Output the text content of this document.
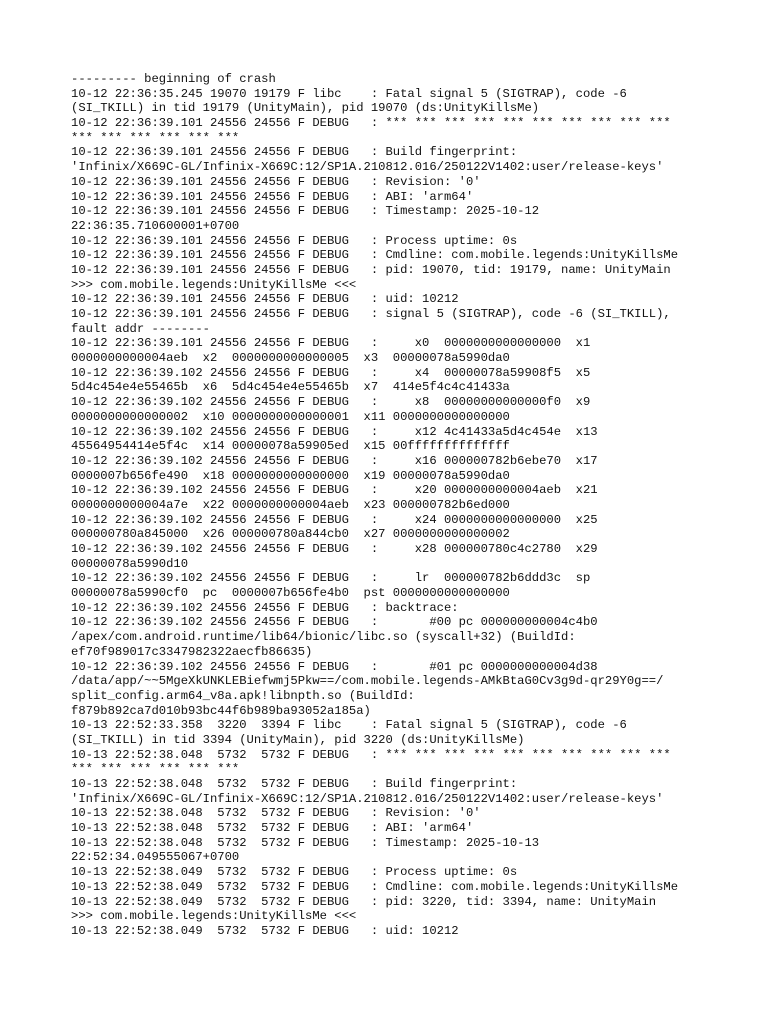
--------- beginning of crash
10-12 22:36:35.245 19070 19179 F libc    : Fatal signal 5 (SIGTRAP), code -6
(SI_TKILL) in tid 19179 (UnityMain), pid 19070 (ds:UnityKillsMe)
10-12 22:36:39.101 24556 24556 F DEBUG   : *** *** *** *** *** *** *** *** *** ***
*** *** *** *** *** ***
10-12 22:36:39.101 24556 24556 F DEBUG   : Build fingerprint:
'Infinix/X669C-GL/Infinix-X669C:12/SP1A.210812.016/250122V1402:user/release-keys'
10-12 22:36:39.101 24556 24556 F DEBUG   : Revision: '0'
10-12 22:36:39.101 24556 24556 F DEBUG   : ABI: 'arm64'
10-12 22:36:39.101 24556 24556 F DEBUG   : Timestamp: 2025-10-12
22:36:35.710600001+0700
10-12 22:36:39.101 24556 24556 F DEBUG   : Process uptime: 0s
10-12 22:36:39.101 24556 24556 F DEBUG   : Cmdline: com.mobile.legends:UnityKillsMe
10-12 22:36:39.101 24556 24556 F DEBUG   : pid: 19070, tid: 19179, name: UnityMain
>>> com.mobile.legends:UnityKillsMe <<<
10-12 22:36:39.101 24556 24556 F DEBUG   : uid: 10212
10-12 22:36:39.101 24556 24556 F DEBUG   : signal 5 (SIGTRAP), code -6 (SI_TKILL),
fault addr --------
10-12 22:36:39.101 24556 24556 F DEBUG   :     x0  0000000000000000  x1
0000000000004aeb  x2  0000000000000005  x3  00000078a5990da0
10-12 22:36:39.102 24556 24556 F DEBUG   :     x4  00000078a59908f5  x5
5d4c454e4e55465b  x6  5d4c454e4e55465b  x7  414e5f4c4c41433a
10-12 22:36:39.102 24556 24556 F DEBUG   :     x8  00000000000000f0  x9
0000000000000002  x10 0000000000000001  x11 0000000000000000
10-12 22:36:39.102 24556 24556 F DEBUG   :     x12 4c41433a5d4c454e  x13
45564954414e5f4c  x14 00000078a59905ed  x15 00ffffffffffffff
10-12 22:36:39.102 24556 24556 F DEBUG   :     x16 000000782b6ebe70  x17
0000007b656fe490  x18 0000000000000000  x19 00000078a5990da0
10-12 22:36:39.102 24556 24556 F DEBUG   :     x20 0000000000004aeb  x21
0000000000004a7e  x22 0000000000004aeb  x23 000000782b6ed000
10-12 22:36:39.102 24556 24556 F DEBUG   :     x24 0000000000000000  x25
000000780a845000  x26 000000780a844cb0  x27 0000000000000002
10-12 22:36:39.102 24556 24556 F DEBUG   :     x28 000000780c4c2780  x29
00000078a5990d10
10-12 22:36:39.102 24556 24556 F DEBUG   :     lr  000000782b6ddd3c  sp
00000078a5990cf0  pc  0000007b656fe4b0  pst 0000000000000000
10-12 22:36:39.102 24556 24556 F DEBUG   : backtrace:
10-12 22:36:39.102 24556 24556 F DEBUG   :       #00 pc 000000000004c4b0
/apex/com.android.runtime/lib64/bionic/libc.so (syscall+32) (BuildId:
ef70f989017c3347982322aecfb86635)
10-12 22:36:39.102 24556 24556 F DEBUG   :       #01 pc 0000000000004d38
/data/app/~~5MgeXkUNKLEBiefwmj5Pkw==/com.mobile.legends-AMkBtaG0Cv3g9d-qr29Y0g==/
split_config.arm64_v8a.apk!libnpth.so (BuildId:
f879b892ca7d010b93bc44f6b989ba93052a185a)
10-13 22:52:33.358  3220  3394 F libc    : Fatal signal 5 (SIGTRAP), code -6
(SI_TKILL) in tid 3394 (UnityMain), pid 3220 (ds:UnityKillsMe)
10-13 22:52:38.048  5732  5732 F DEBUG   : *** *** *** *** *** *** *** *** *** ***
*** *** *** *** *** ***
10-13 22:52:38.048  5732  5732 F DEBUG   : Build fingerprint:
'Infinix/X669C-GL/Infinix-X669C:12/SP1A.210812.016/250122V1402:user/release-keys'
10-13 22:52:38.048  5732  5732 F DEBUG   : Revision: '0'
10-13 22:52:38.048  5732  5732 F DEBUG   : ABI: 'arm64'
10-13 22:52:38.048  5732  5732 F DEBUG   : Timestamp: 2025-10-13
22:52:34.049555067+0700
10-13 22:52:38.049  5732  5732 F DEBUG   : Process uptime: 0s
10-13 22:52:38.049  5732  5732 F DEBUG   : Cmdline: com.mobile.legends:UnityKillsMe
10-13 22:52:38.049  5732  5732 F DEBUG   : pid: 3220, tid: 3394, name: UnityMain
>>> com.mobile.legends:UnityKillsMe <<<
10-13 22:52:38.049  5732  5732 F DEBUG   : uid: 10212
